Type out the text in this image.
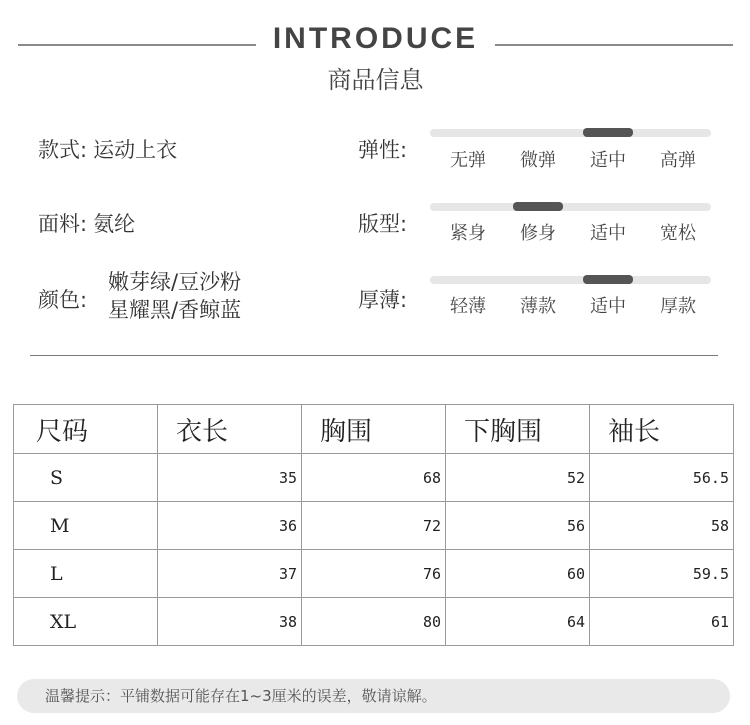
INTRODUCE
商品信息
款式: 运动上衣
面料: 氨纶
颜色:
嫩芽绿/豆沙粉
星耀黑/香鲸蓝
弹性:	无弹	微弹	适中	高弹
版型:	紧身	修身	适中	宽松
厚薄:	轻薄	薄款	适中	厚款
尺码	衣长	胸围	下胸围	袖长
S	35	68	52	56.5
M	36	72	56	58
L	37	76	60	59.5
XL	38	80	64	61
温馨提示：平铺数据可能存在1~3厘米的误差，敬请谅解。
